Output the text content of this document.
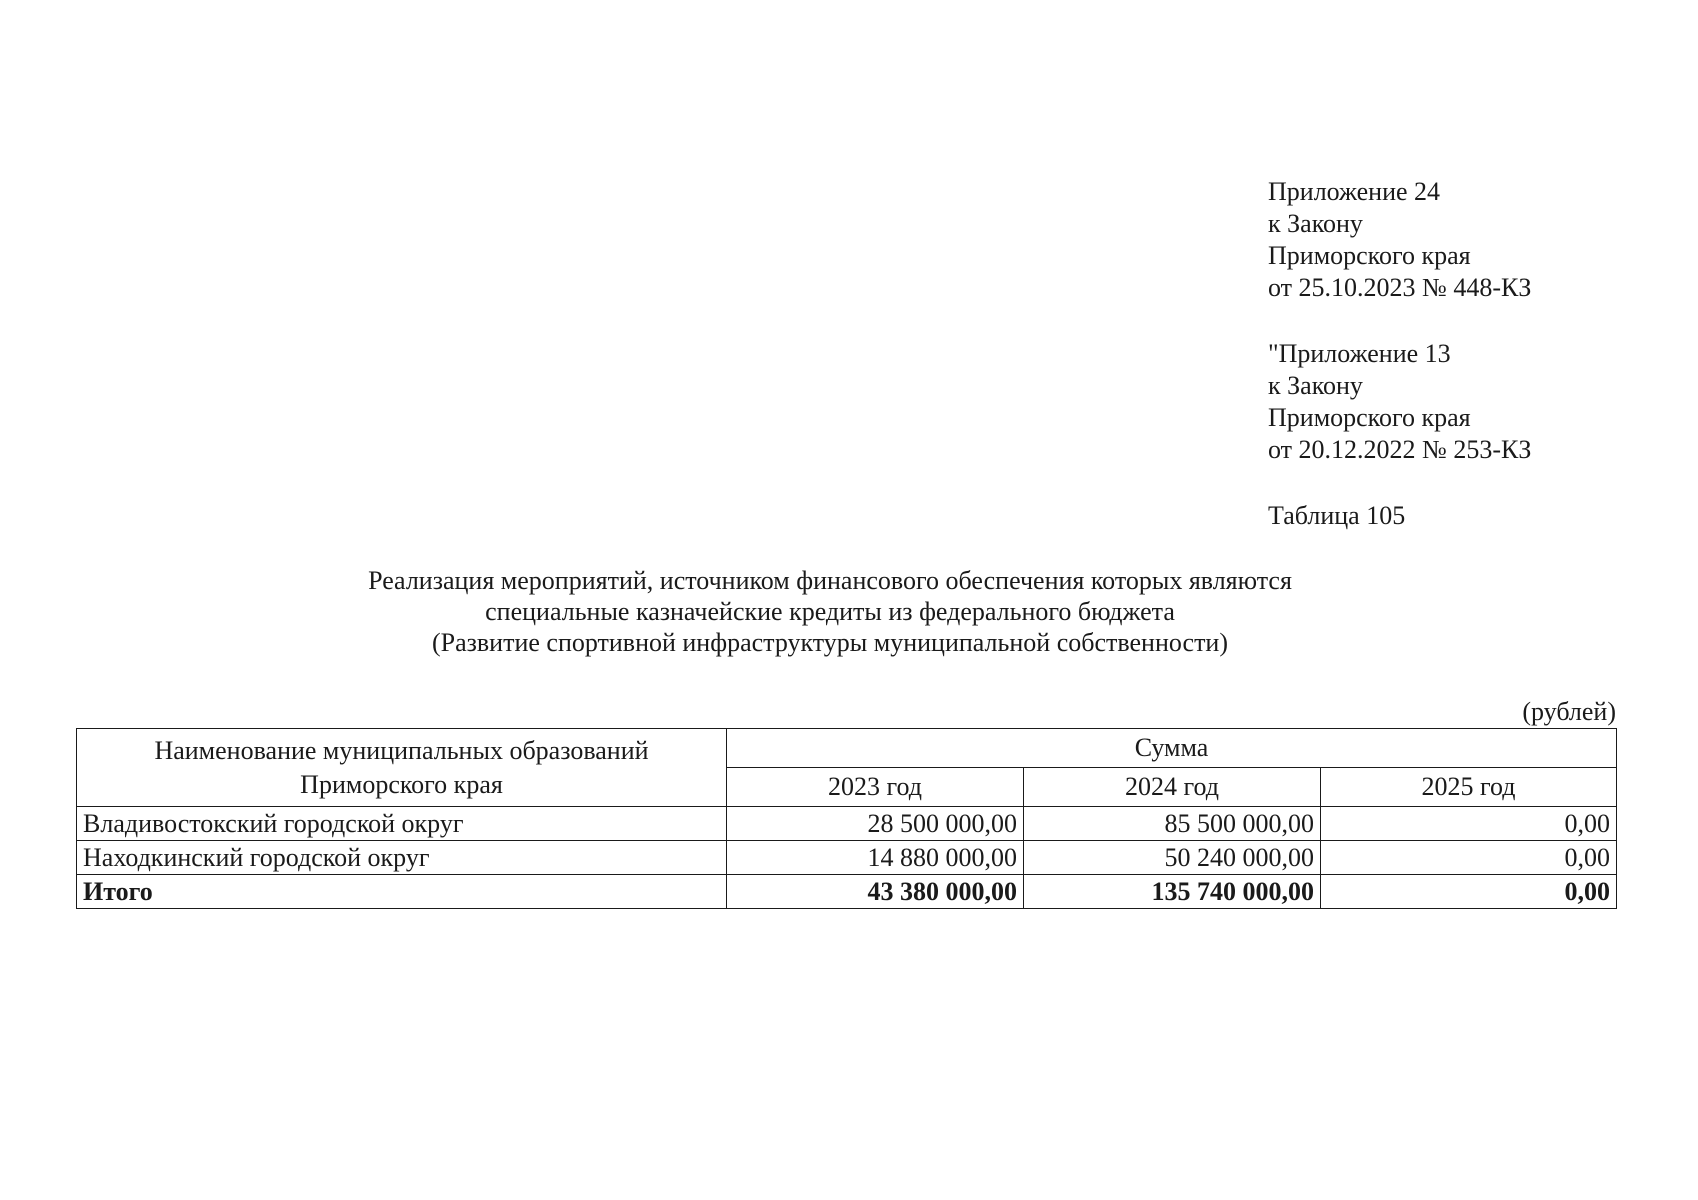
Приложение 24
к Закону
Приморского края
от 25.10.2023 № 448-КЗ
"Приложение 13
к Закону
Приморского края
от 20.12.2022 № 253-КЗ
Таблица 105
Реализация мероприятий, источником финансового обеспечения которых являются
специальные казначейские кредиты из федерального бюджета
(Развитие спортивной инфраструктуры муниципальной собственности)
(рублей)
Наименование муниципальных образований
Приморского края	Сумма		
	2023 год	2024 год	2025 год
Владивостокский городской округ	28 500 000,00	85 500 000,00	0,00
Находкинский городской округ	14 880 000,00	50 240 000,00	0,00
Итого	43 380 000,00	135 740 000,00	0,00
